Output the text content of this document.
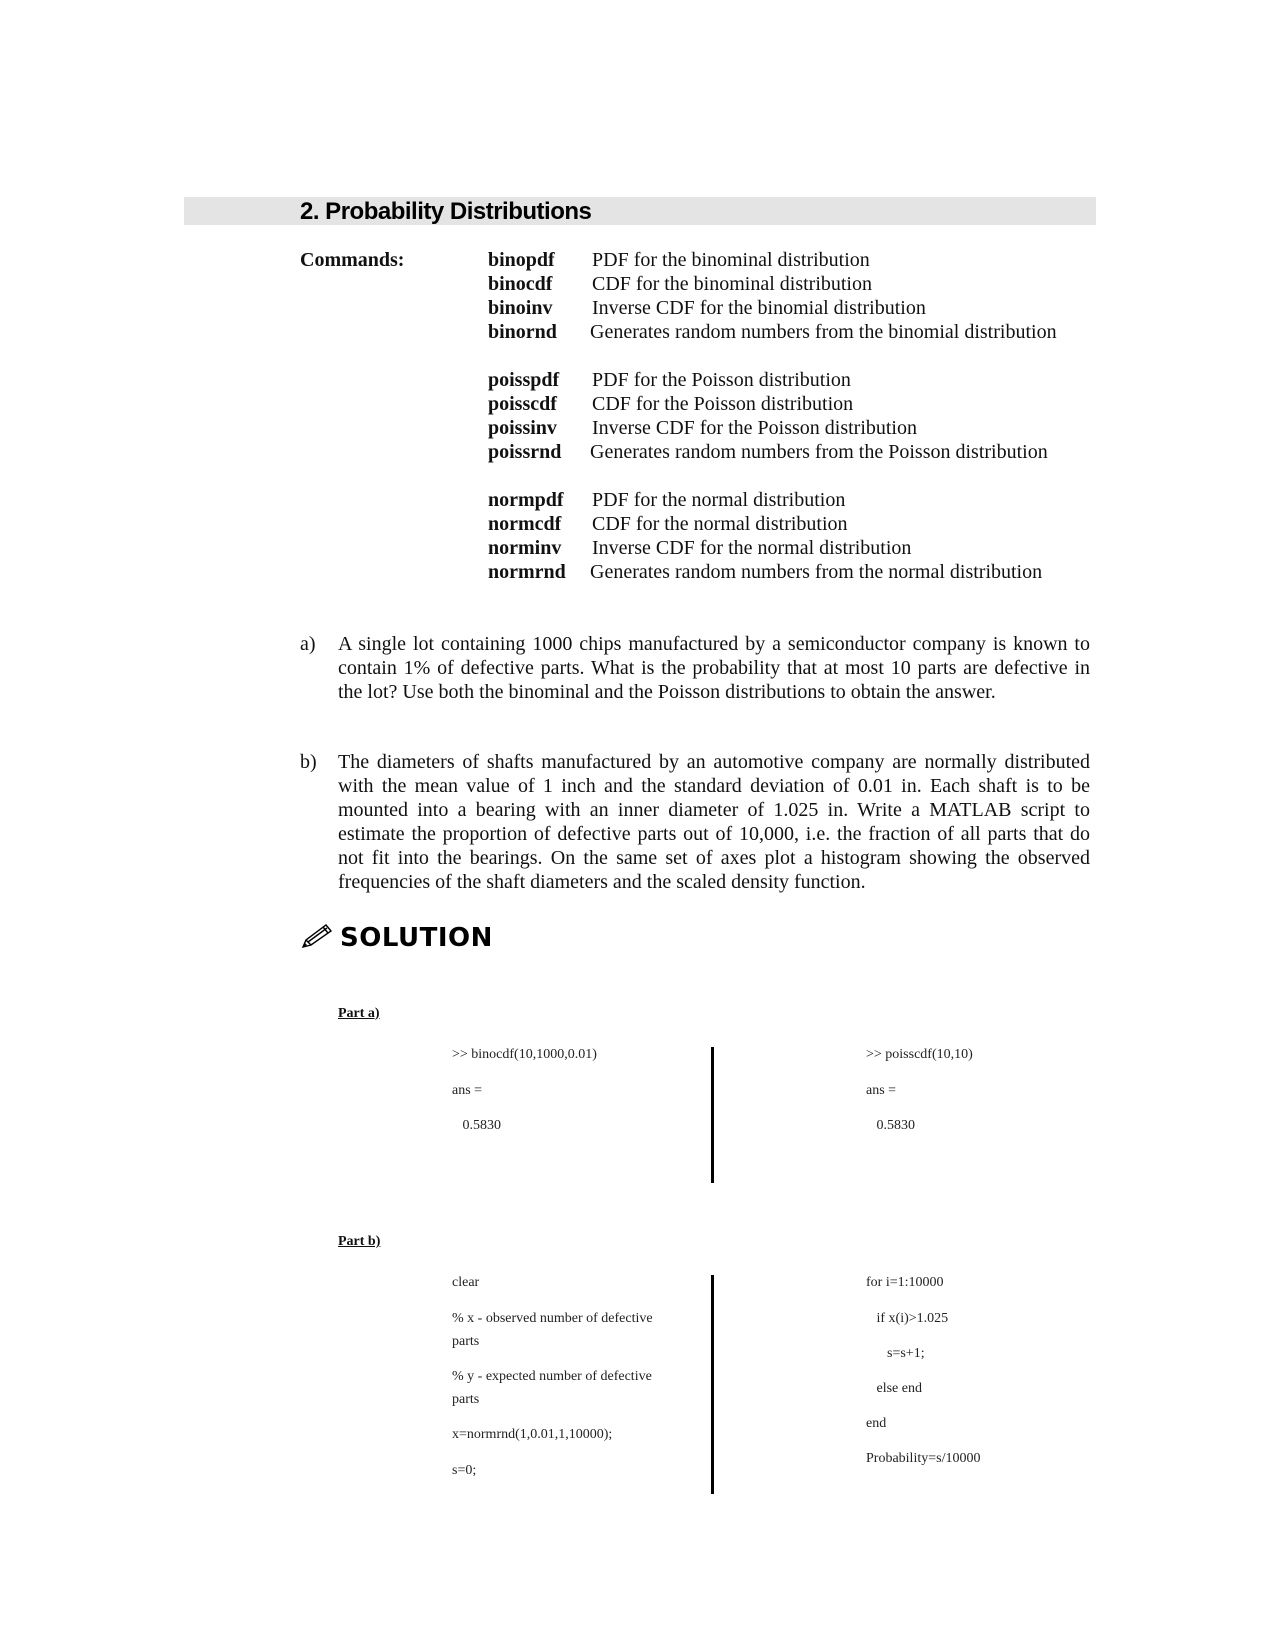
2. Probability Distributions
Commands:	binopdf PDF for the binominal distribution
binocdf CDF for the binominal distribution
binoinv Inverse CDF for the binomial distribution
binornd Generates random numbers from the binomial distribution
poisspdf PDF for the Poisson distribution
poisscdf CDF for the Poisson distribution
poissinv Inverse CDF for the Poisson distribution
poissrnd Generates random numbers from the Poisson distribution
normpdf PDF for the normal distribution
normcdf CDF for the normal distribution
norminv Inverse CDF for the normal distribution
normrnd Generates random numbers from the normal distribution
a) A single lot containing 1000 chips manufactured by a semiconductor company is known to contain 1% of defective parts. What is the probability that at most 10 parts are defective in the lot? Use both the binominal and the Poisson distributions to obtain the answer.
b) The diameters of shafts manufactured by an automotive company are normally distributed with the mean value of 1 inch and the standard deviation of 0.01 in. Each shaft is to be mounted into a bearing with an inner diameter of 1.025 in. Write a MATLAB script to estimate the proportion of defective parts out of 10,000, i.e. the fraction of all parts that do not fit into the bearings. On the same set of axes plot a histogram showing the observed frequencies of the shaft diameters and the scaled density function.
SOLUTION
Part a)
>> binocdf(10,1000,0.01)
ans =
0.5830
>> poisscdf(10,10)
ans =
0.5830
Part b)
clear
% x - observed number of defective
parts
% y - expected number of defective
parts
x=normrnd(1,0.01,1,10000);
s=0;
for i=1:10000
if x(i)>1.025
s=s+1;
else end
end
Probability=s/10000
